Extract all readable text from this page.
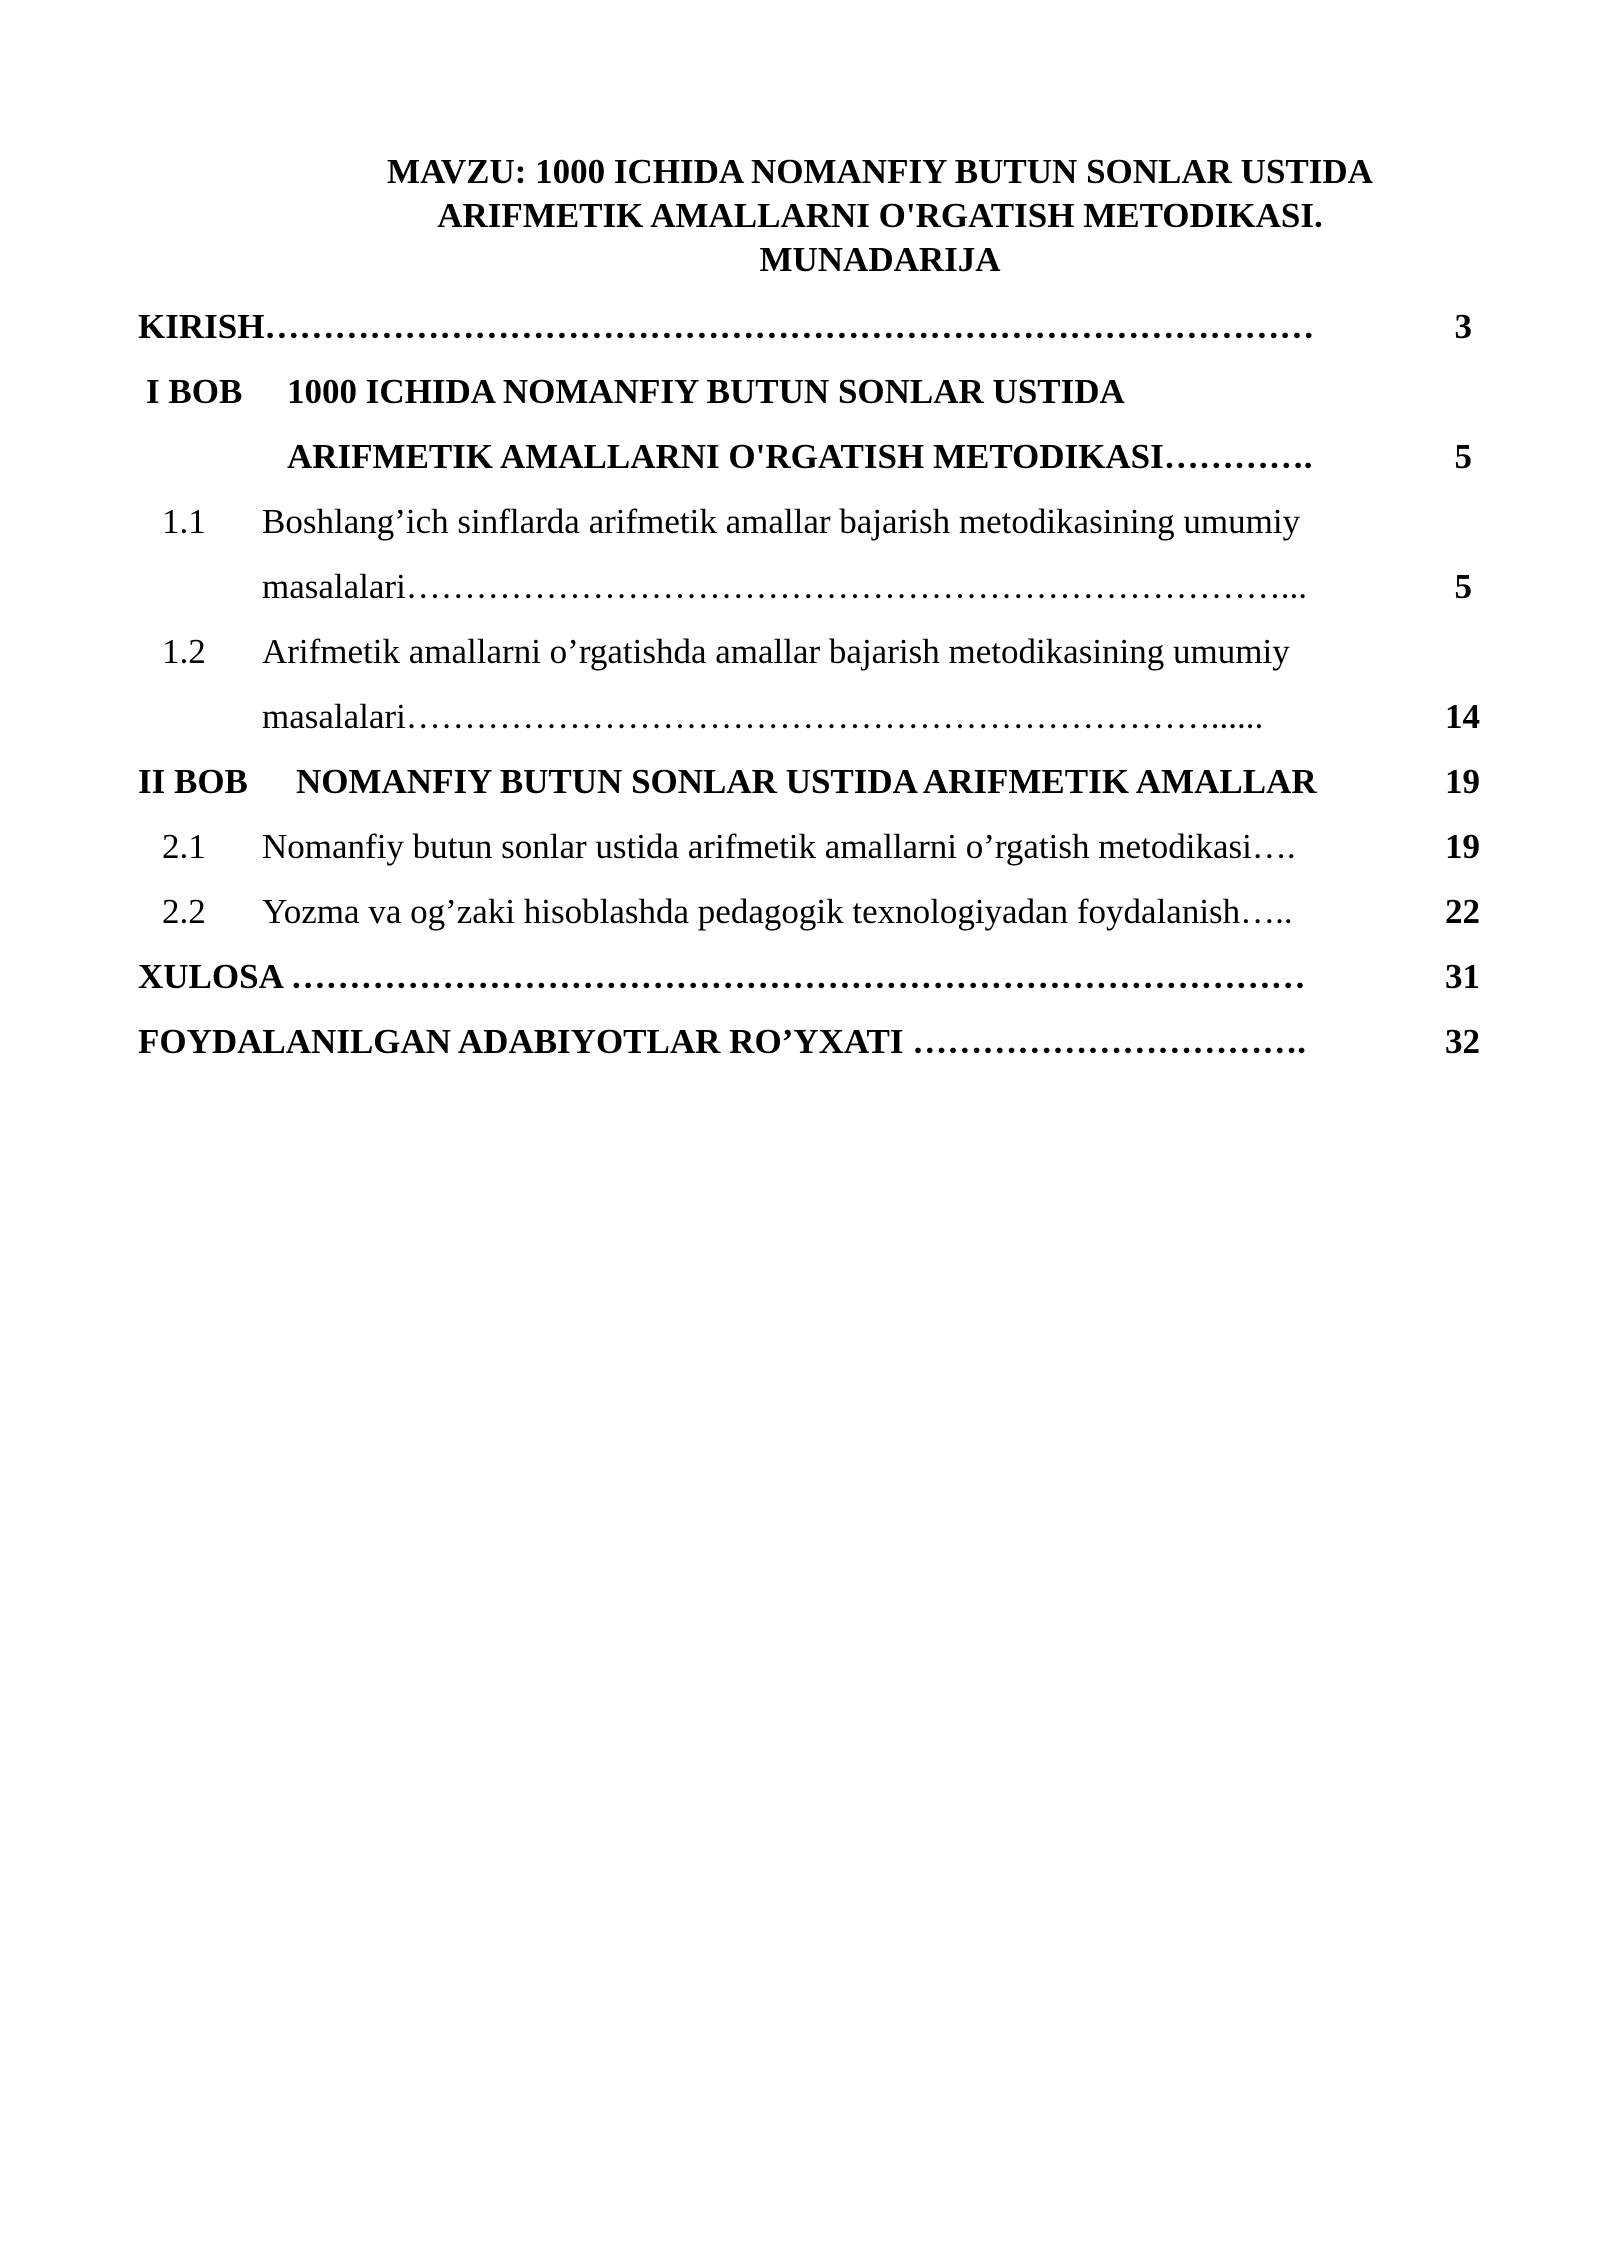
MAVZU: 1000 ICHIDA NOMANFIY BUTUN SONLAR USTIDA
ARIFMETIK AMALLARNI O'RGATISH METODIKASI.
MUNADARIJA
KIRISH………………………………………………………………………………	3
I BOB 1000 ICHIDA NOMANFIY BUTUN SONLAR USTIDA
ARIFMETIK AMALLARNI O'RGATISH METODIKASI………….	5
1.1 Boshlang’ich sinflarda arifmetik amallar bajarish metodikasining umumiy
masalalari…………………………………………………………………...	5
1.2 Arifmetik amallarni o’rgatishda amallar bajarish metodikasining umumiy
masalalari……………………………………………………………......	14
II BOB NOMANFIY BUTUN SONLAR USTIDA ARIFMETIK AMALLAR	19
2.1 Nomanfiy butun sonlar ustida arifmetik amallarni o’rgatish metodikasi….	19
2.2 Yozma va og’zaki hisoblashda pedagogik texnologiyadan foydalanish…..	22
XULOSA ……………………………………………………………………………	31
FOYDALANILGAN ADABIYOTLAR RO’YXATI …………………………….	32
